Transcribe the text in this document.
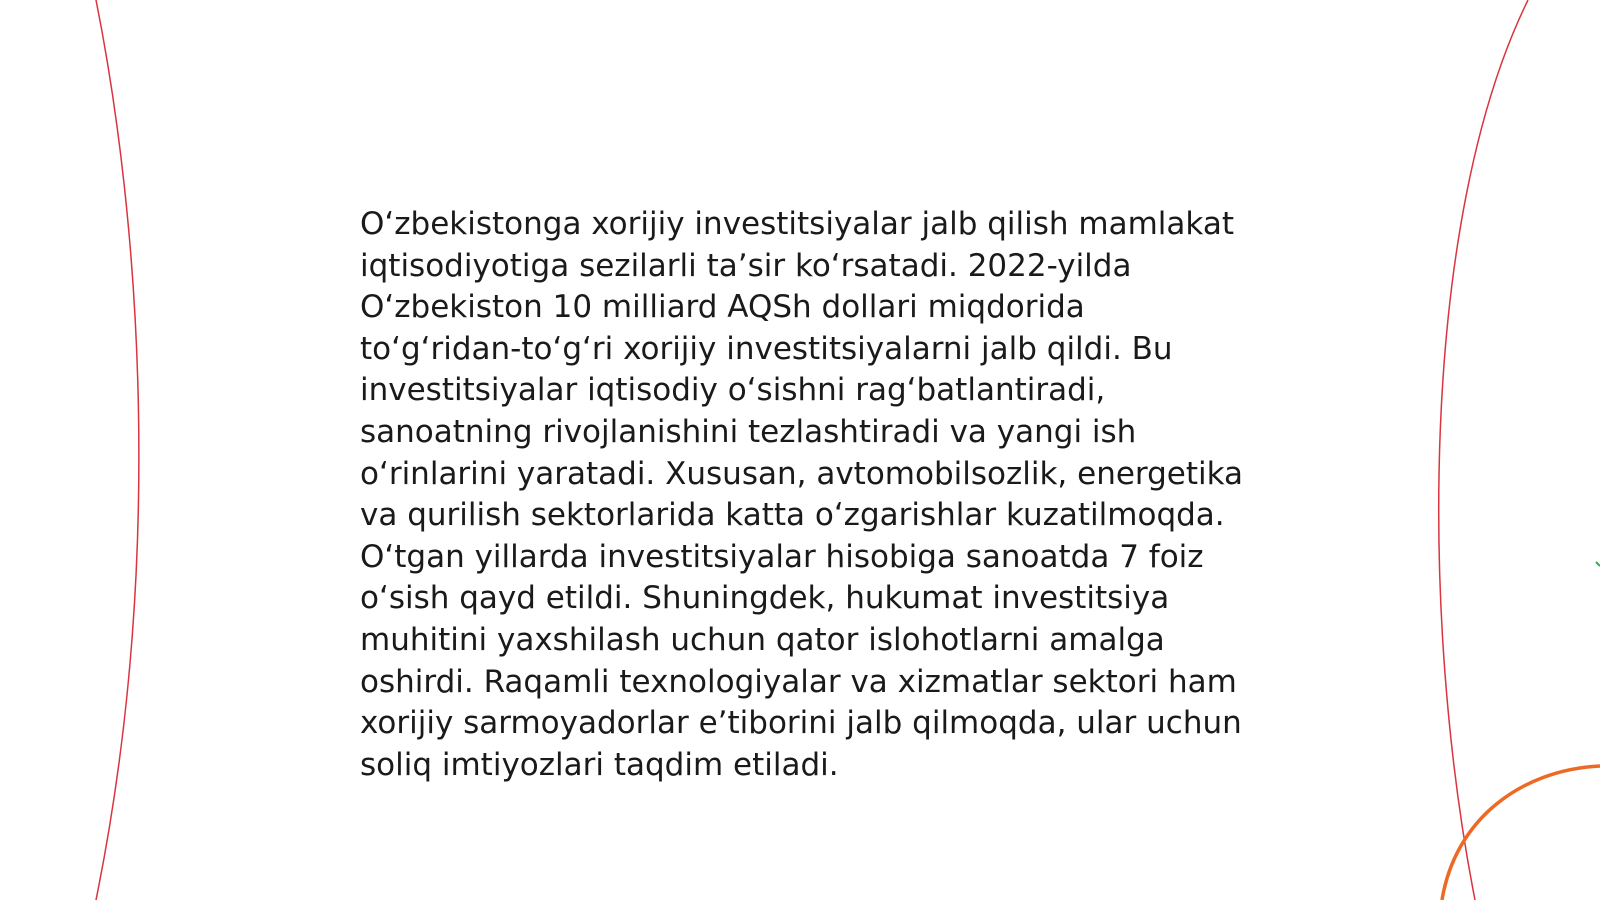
O‘zbekistonga xorijiy investitsiyalar jalb qilish mamlakat iqtisodiyotiga sezilarli ta’sir ko‘rsatadi. 2022-yilda O‘zbekiston 10 milliard AQSh dollari miqdorida to‘g‘ridan-to‘g‘ri xorijiy investitsiyalarni jalb qildi. Bu investitsiyalar iqtisodiy o‘sishni rag‘batlantiradi, sanoatning rivojlanishini tezlashtiradi va yangi ish o‘rinlarini yaratadi. Xususan, avtomobilsozlik, energetika va qurilish sektorlarida katta o‘zgarishlar kuzatilmoqda. O‘tgan yillarda investitsiyalar hisobiga sanoatda 7 foiz o‘sish qayd etildi. Shuningdek, hukumat investitsiya muhitini yaxshilash uchun qator islohotlarni amalga oshirdi. Raqamli texnologiyalar va xizmatlar sektori ham xorijiy sarmoyadorlar e’tiborini jalb qilmoqda, ular uchun soliq imtiyozlari taqdim etiladi.
